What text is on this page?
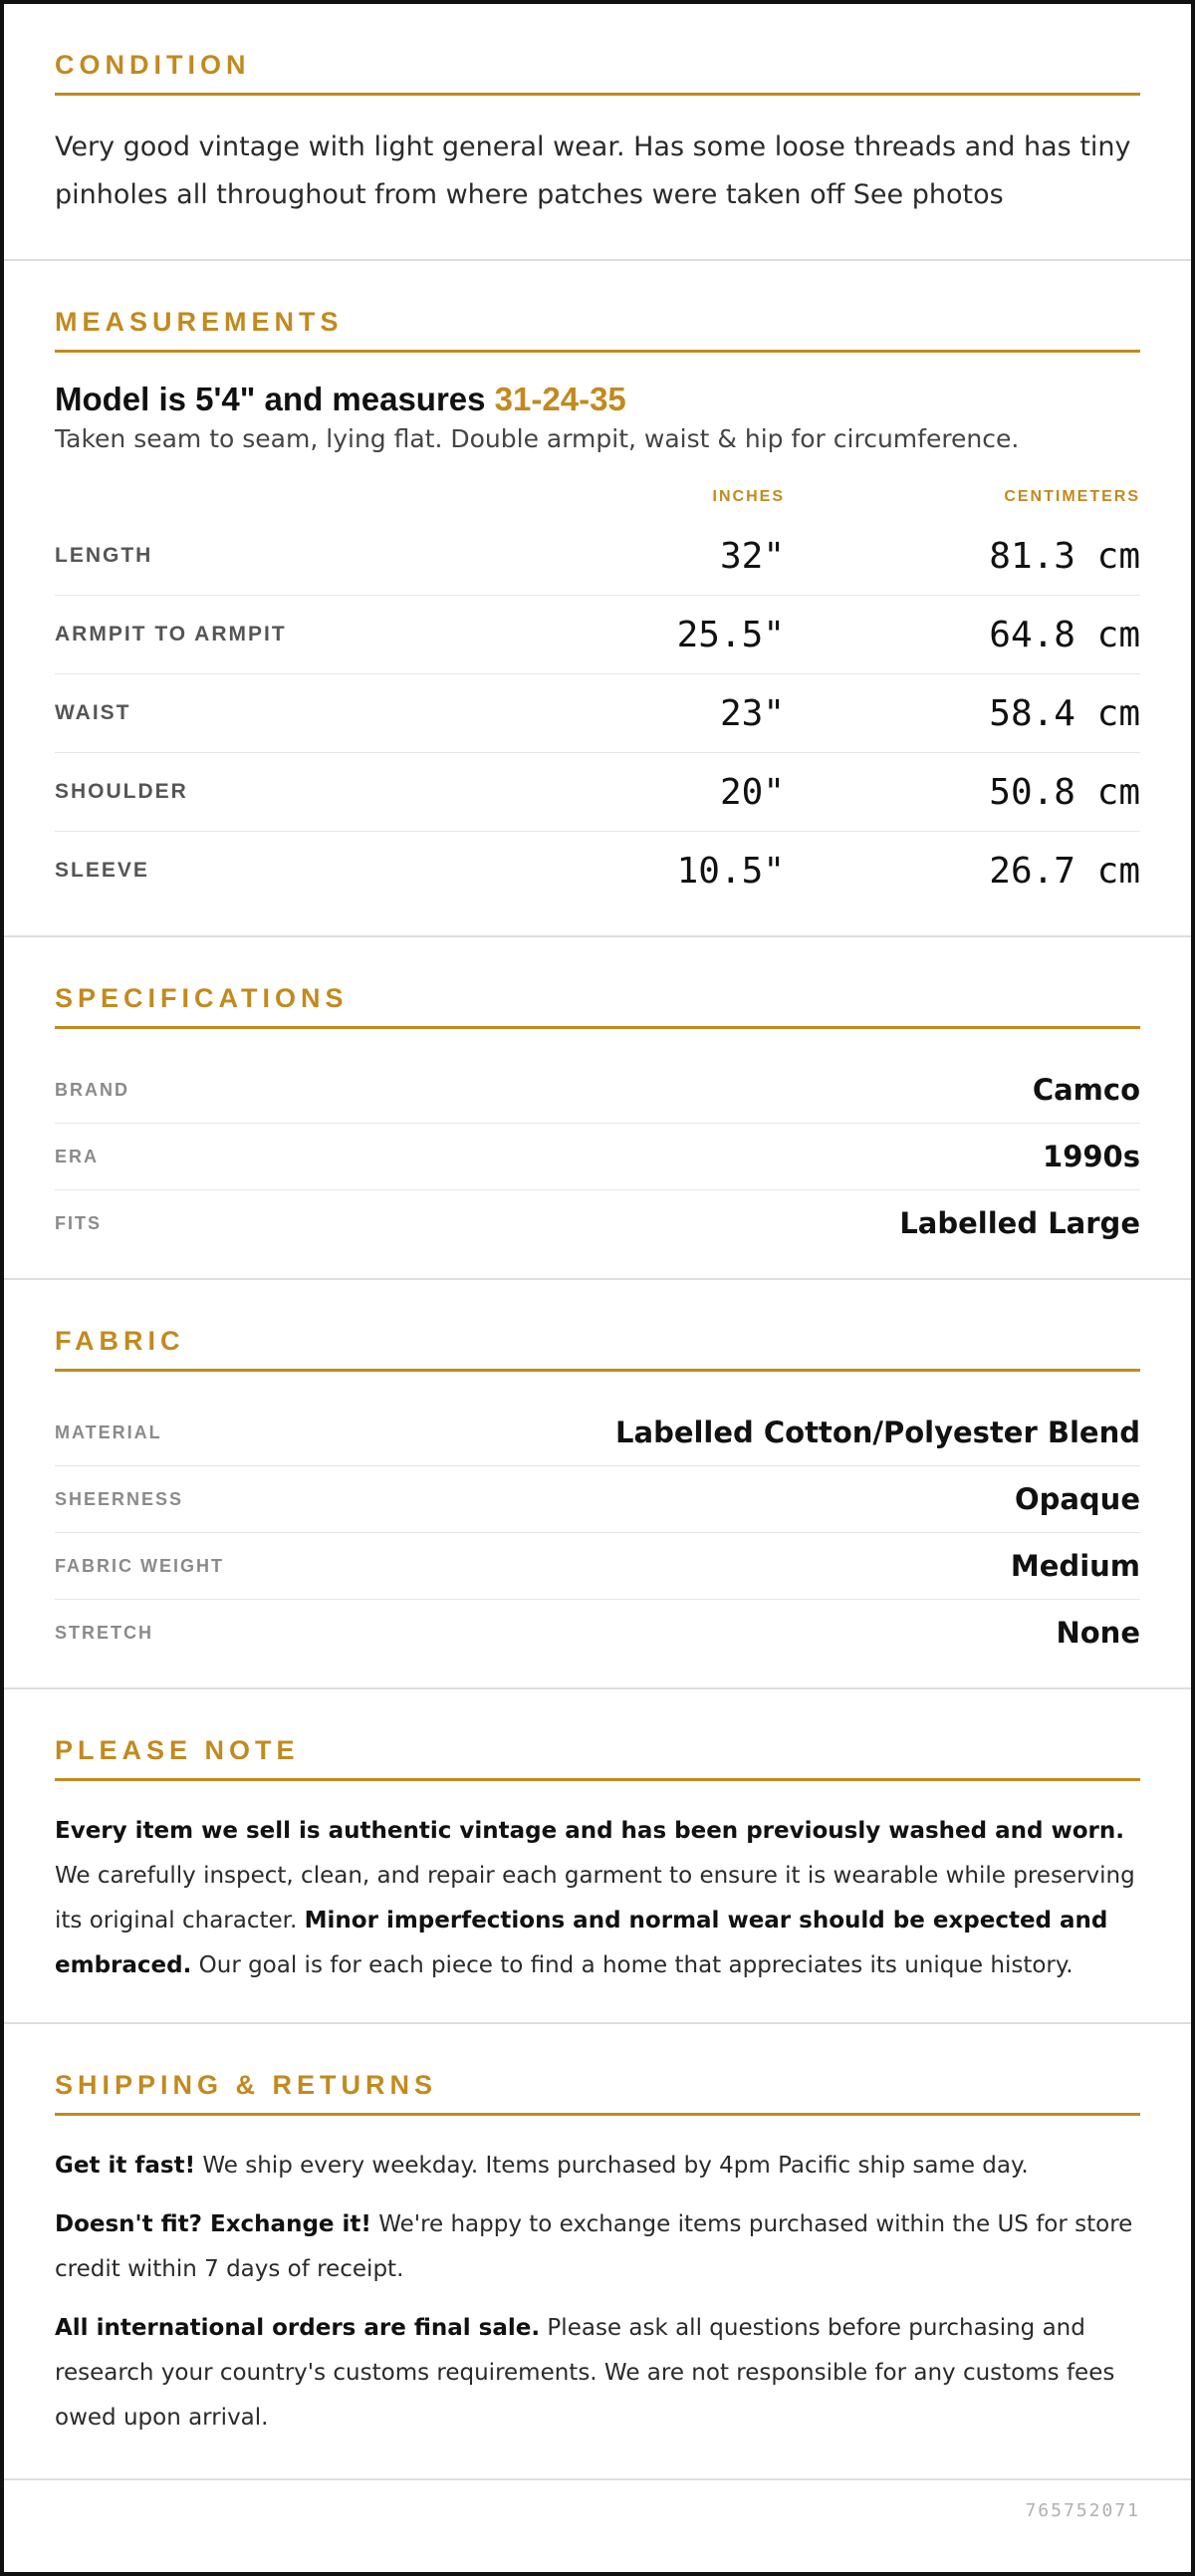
CONDITION
Very good vintage with light general wear. Has some loose threads and has tiny pinholes all throughout from where patches were taken off See photos
MEASUREMENTS
Model is 5'4" and measures 31-24-35
Taken seam to seam, lying flat. Double armpit, waist & hip for circumference.
INCHES	CENTIMETERS
LENGTH	32"	81.3 cm
ARMPIT TO ARMPIT	25.5"	64.8 cm
WAIST	23"	58.4 cm
SHOULDER	20"	50.8 cm
SLEEVE	10.5"	26.7 cm
SPECIFICATIONS
BRAND	Camco
ERA	1990s
FITS	Labelled Large
FABRIC
MATERIAL	Labelled Cotton/Polyester Blend
SHEERNESS	Opaque
FABRIC WEIGHT	Medium
STRETCH	None
PLEASE NOTE
Every item we sell is authentic vintage and has been previously washed and worn. We carefully inspect, clean, and repair each garment to ensure it is wearable while preserving its original character. Minor imperfections and normal wear should be expected and embraced. Our goal is for each piece to find a home that appreciates its unique history.
SHIPPING & RETURNS
Get it fast! We ship every weekday. Items purchased by 4pm Pacific ship same day.
Doesn't fit? Exchange it! We're happy to exchange items purchased within the US for store credit within 7 days of receipt.
All international orders are final sale. Please ask all questions before purchasing and research your country's customs requirements. We are not responsible for any customs fees owed upon arrival.
765752071
